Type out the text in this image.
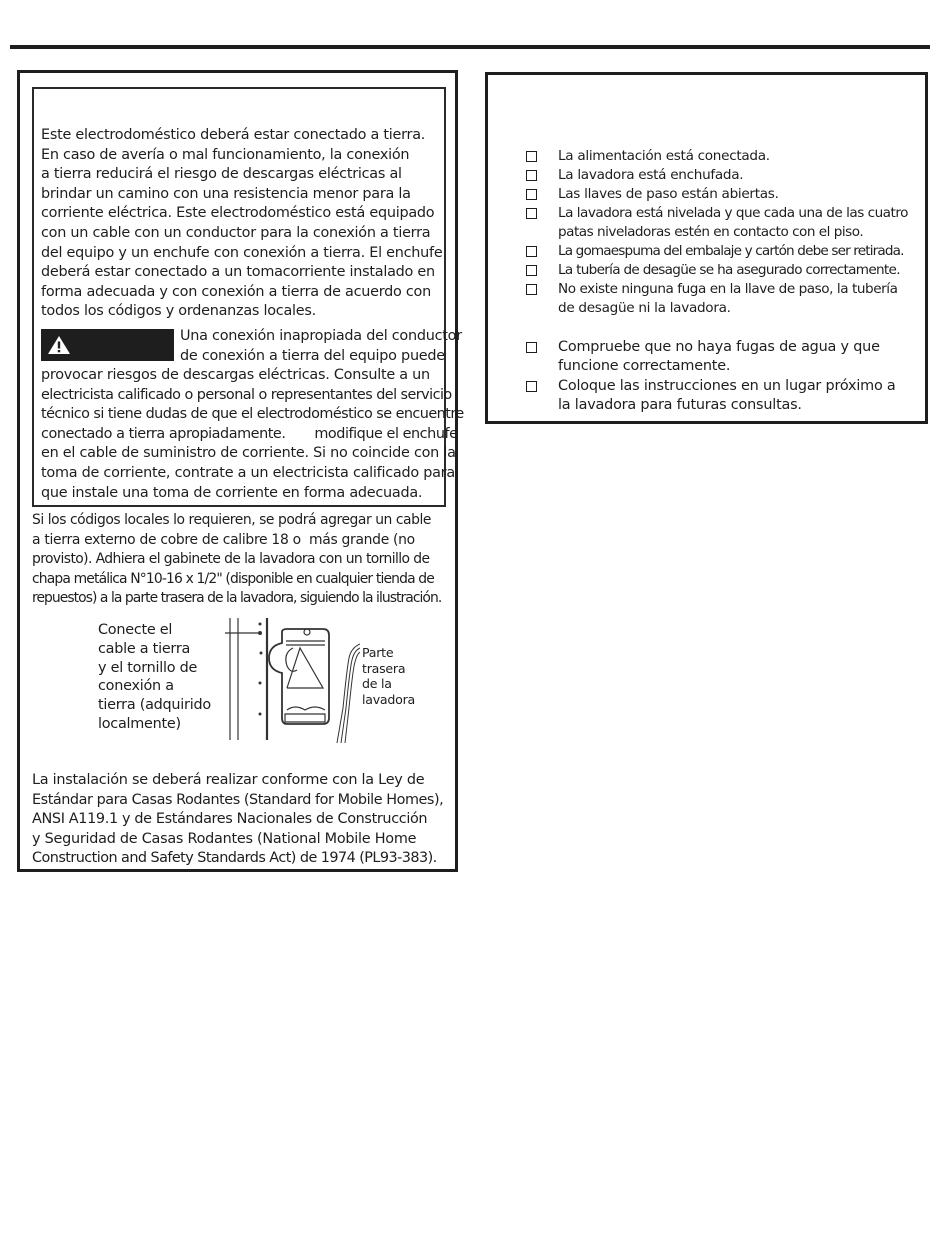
Este electrodoméstico deberá estar conectado a tierra.
En caso de avería o mal funcionamiento, la conexión
a tierra reducirá el riesgo de descargas eléctricas al
brindar un camino con una resistencia menor para la
corriente eléctrica. Este electrodoméstico está equipado
con un cable con un conductor para la conexión a tierra
del equipo y un enchufe con conexión a tierra. El enchufe
deberá estar conectado a un tomacorriente instalado en
forma adecuada y con conexión a tierra de acuerdo con
todos los códigos y ordenanzas locales.
Una conexión inapropiada del conductor
de conexión a tierra del equipo puede
provocar riesgos de descargas eléctricas. Consulte a un
electricista calificado o personal o representantes del servicio
técnico si tiene dudas de que el electrodoméstico se encuentre
conectado a tierra apropiadamente.       modifique el enchufe
en el cable de suministro de corriente. Si no coincide con la
toma de corriente, contrate a un electricista calificado para
que instale una toma de corriente en forma adecuada.
Si los códigos locales lo requieren, se podrá agregar un cable
a tierra externo de cobre de calibre 18 o  más grande (no
provisto). Adhiera el gabinete de la lavadora con un tornillo de
chapa metálica N°10-16 x 1/2" (disponible en cualquier tienda de
repuestos) a la parte trasera de la lavadora, siguiendo la ilustración.
Conecte el
cable a tierra
y el tornillo de
conexión a
tierra (adquirido
localmente)
Parte
trasera
de la
lavadora
La instalación se deberá realizar conforme con la Ley de
Estándar para Casas Rodantes (Standard for Mobile Homes),
ANSI A119.1 y de Estándares Nacionales de Construcción
y Seguridad de Casas Rodantes (National Mobile Home
Construction and Safety Standards Act) de 1974 (PL93-383).
La alimentación está conectada.
La lavadora está enchufada.
Las llaves de paso están abiertas.
La lavadora está nivelada y que cada una de las cuatro
patas niveladoras estén en contacto con el piso.
La gomaespuma del embalaje y cartón debe ser retirada.
La tubería de desagüe se ha asegurado correctamente.
No existe ninguna fuga en la llave de paso, la tubería
de desagüe ni la lavadora.
Compruebe que no haya fugas de agua y que
funcione correctamente.
Coloque las instrucciones en un lugar próximo a
la lavadora para futuras consultas.
